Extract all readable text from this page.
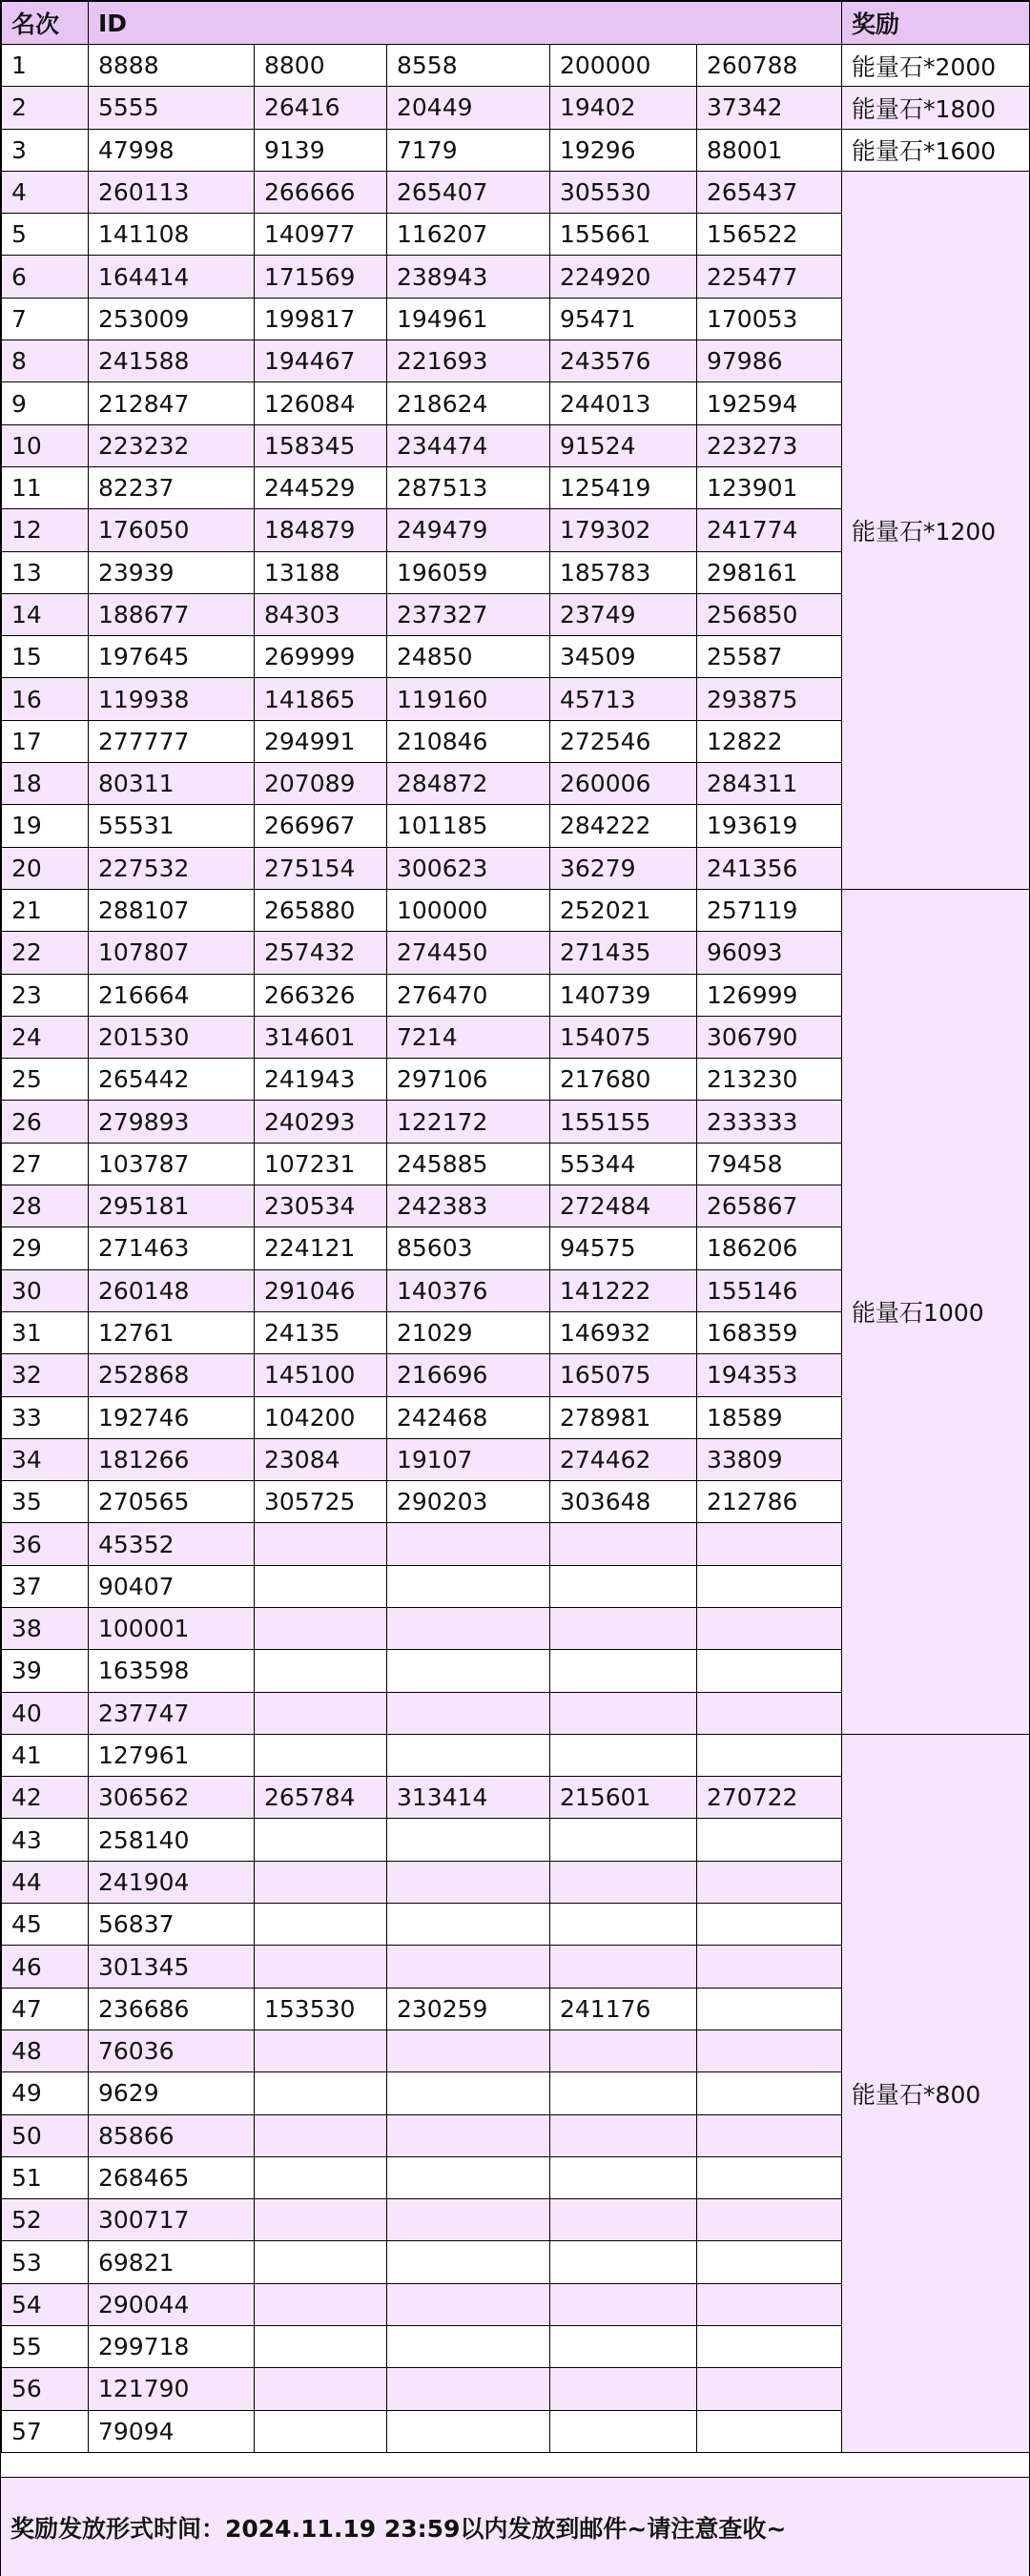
名次	ID					奖励
1	8888	8800	8558	200000	260788	能量石*2000
2	5555	26416	20449	19402	37342	能量石*1800
3	47998	9139	7179	19296	88001	能量石*1600
4	260113	266666	265407	305530	265437	能量石*1200
5	141108	140977	116207	155661	156522	
6	164414	171569	238943	224920	225477	
7	253009	199817	194961	95471	170053	
8	241588	194467	221693	243576	97986	
9	212847	126084	218624	244013	192594	
10	223232	158345	234474	91524	223273	
11	82237	244529	287513	125419	123901	
12	176050	184879	249479	179302	241774	
13	23939	13188	196059	185783	298161	
14	188677	84303	237327	23749	256850	
15	197645	269999	24850	34509	25587	
16	119938	141865	119160	45713	293875	
17	277777	294991	210846	272546	12822	
18	80311	207089	284872	260006	284311	
19	55531	266967	101185	284222	193619	
20	227532	275154	300623	36279	241356	
21	288107	265880	100000	252021	257119	能量石1000
22	107807	257432	274450	271435	96093	
23	216664	266326	276470	140739	126999	
24	201530	314601	7214	154075	306790	
25	265442	241943	297106	217680	213230	
26	279893	240293	122172	155155	233333	
27	103787	107231	245885	55344	79458	
28	295181	230534	242383	272484	265867	
29	271463	224121	85603	94575	186206	
30	260148	291046	140376	141222	155146	
31	12761	24135	21029	146932	168359	
32	252868	145100	216696	165075	194353	
33	192746	104200	242468	278981	18589	
34	181266	23084	19107	274462	33809	
35	270565	305725	290203	303648	212786	
36	45352					
37	90407					
38	100001					
39	163598					
40	237747					
41	127961					能量石*800
42	306562	265784	313414	215601	270722	
43	258140					
44	241904					
45	56837					
46	301345					
47	236686	153530	230259	241176		
48	76036					
49	9629					
50	85866					
51	268465					
52	300717					
53	69821					
54	290044					
55	299718					
56	121790					
57	79094					
奖励发放形式时间：2024.11.19 23:59以内发放到邮件~请注意查收~
